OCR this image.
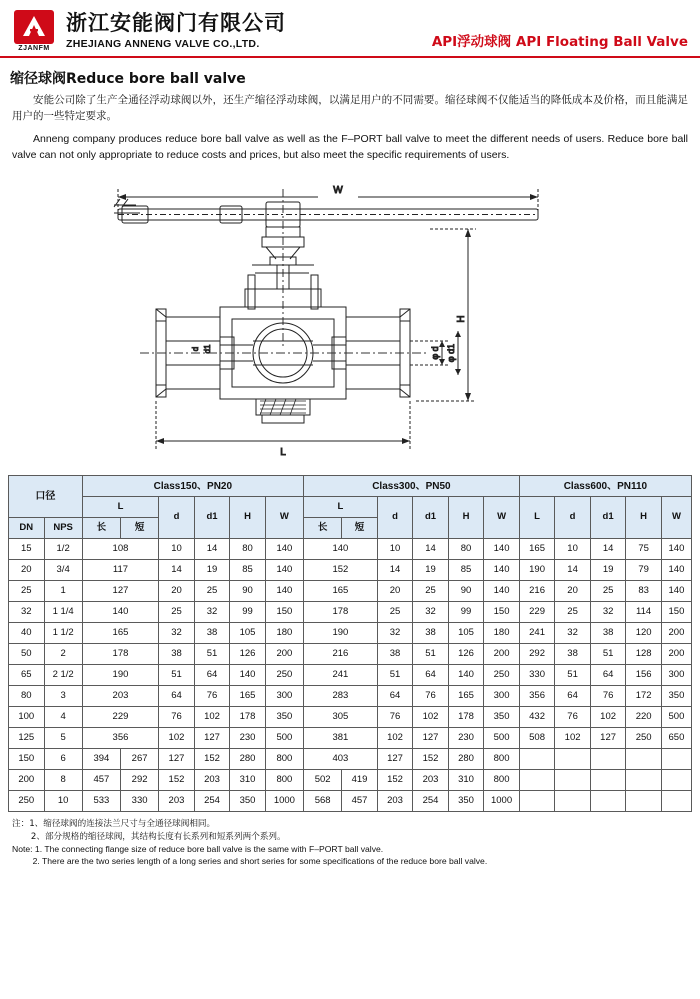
ZJANFM
浙江安能阀门有限公司
ZHEJIANG ANNENG VALVE CO.,LTD.	API浮动球阀 API Floating Ball Valve
缩径球阀Reduce bore ball valve

安能公司除了生产全通径浮动球阀以外，还生产缩径浮动球阀，以满足用户的不同需要。缩径球阀不仅能适当的降低成本及价格，而且能满足用户的一些特定要求。

Anneng company produces reduce bore ball valve as well as the F–PORT ball valve to meet the different needs of users. Reduce bore ball valve can not only appropriate to reduce costs and prices, but also meet the specific requirements of users.

W
H
φ d φ d1
d d1
L
口径		Class150、PN20						Class300、PN50						Class600、PN110				
		L		d	d1	H	W	L		d	d1	H	W	L	d	d1	H	W
DN	NPS	长	短					长	短									
15	1/2	108		10	14	80	140	140		10	14	80	140	165	10	14	75	140
20	3/4	117		14	19	85	140	152		14	19	85	140	190	14	19	79	140
25	1	127		20	25	90	140	165		20	25	90	140	216	20	25	83	140
32	1 1/4	140		25	32	99	150	178		25	32	99	150	229	25	32	114	150
40	1 1/2	165		32	38	105	180	190		32	38	105	180	241	32	38	120	200
50	2	178		38	51	126	200	216		38	51	126	200	292	38	51	128	200
65	2 1/2	190		51	64	140	250	241		51	64	140	250	330	51	64	156	300
80	3	203		64	76	165	300	283		64	76	165	300	356	64	76	172	350
100	4	229		76	102	178	350	305		76	102	178	350	432	76	102	220	500
125	5	356		102	127	230	500	381		102	127	230	500	508	102	127	250	650
150	6	394	267	127	152	280	800	403		127	152	280	800					
200	8	457	292	152	203	310	800	502	419	152	203	310	800					
250	10	533	330	203	254	350	1000	568	457	203	254	350	1000					
注：1、缩径球阀的连接法兰尺寸与全通径球阀相同。
2、部分规格的缩径球阀，其结构长度有长系列和短系列两个系列。
Note: 1. The connecting flange size of reduce bore ball valve is the same with F–PORT ball valve.
2. There are the two series length of a long series and short series for some specifications of the reduce bore ball valve.
